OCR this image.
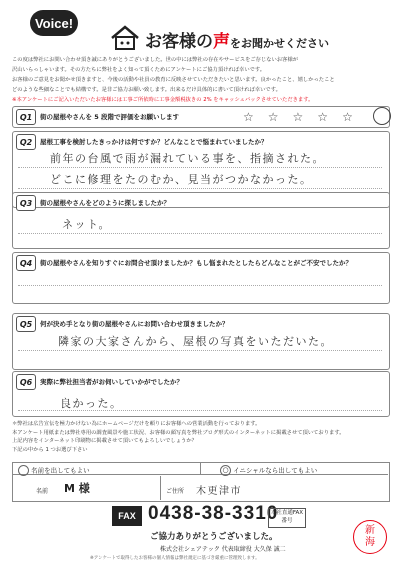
Voice!
お客様の声をお聞かせください
この度は弊社にお問い合わせ頂き誠にありがとうございました。世の中には弊社の存在やサービスをご存じないお客様が
沢山いらっしゃいます。その方たちに弊社をよく知って頂くためにアンケートにご協力頂ければ幸いです。
お客様のご意見をお聞かせ頂きますと、今後の活動や社員の教育に反映させていただきたいと思います。良かったこと、嬉しかったこと
どのような些細なことでも結構です。是非ご協力お願い致します。出来るだけ具体的に書いて頂ければ幸いです。
※本アンケートにご記入いただいたお客様には工事ご所依時に工事金額税抜きの 2% をキャッシュバックさせていただきます。
Q1	街の屋根やさんを 5 段階で評価をお願いします	☆☆☆☆☆
Q2	屋根工事を検討したきっかけは何ですか？どんなことで悩まれていましたか？
前年の台風で雨が漏れている事を、指摘された。
どこに修理をたのむか、見当がつかなかった。
Q3	街の屋根やさんをどのように探しましたか？
ネット。
Q4	街の屋根やさんを知りすぐにお問合せ頂けましたか？もし悩まれたとしたらどんなことがご不安でしたか？
Q5	何が決め手となり街の屋根やさんにお問い合わせ頂きましたか？
隣家の大家さんから、屋根の写真をいただいた。
Q6	実際に弊社担当者がお伺いしていかがでしたか？
良かった。
＊弊社は広告宣伝を極力かけない為にホームページだけを頼りにお客様への営業活動を行っております。
本アンケート用紙または弊社専用の調査風景や施工状況、お客様の顔写真を弊社ブログ形式のインターネットに掲載させて頂いております。
上記内容をインターネット印刷物に掲載させて頂いてもよろしいでしょうか？
下記の中から 1 つお選び下さい
名前を出してもよい	○ イニシャルなら出してもよい
名前 M 様	ご住所 木更津市
FAX 0438-38-3310
本社直通FAX番号
ご協力ありがとうございました。
株式会社シェアテック 代表取締役 大久保 誠二
※アンケートで取得したお客様の個人情報は弊社規定に基づき厳重に管理致します。
新
海
